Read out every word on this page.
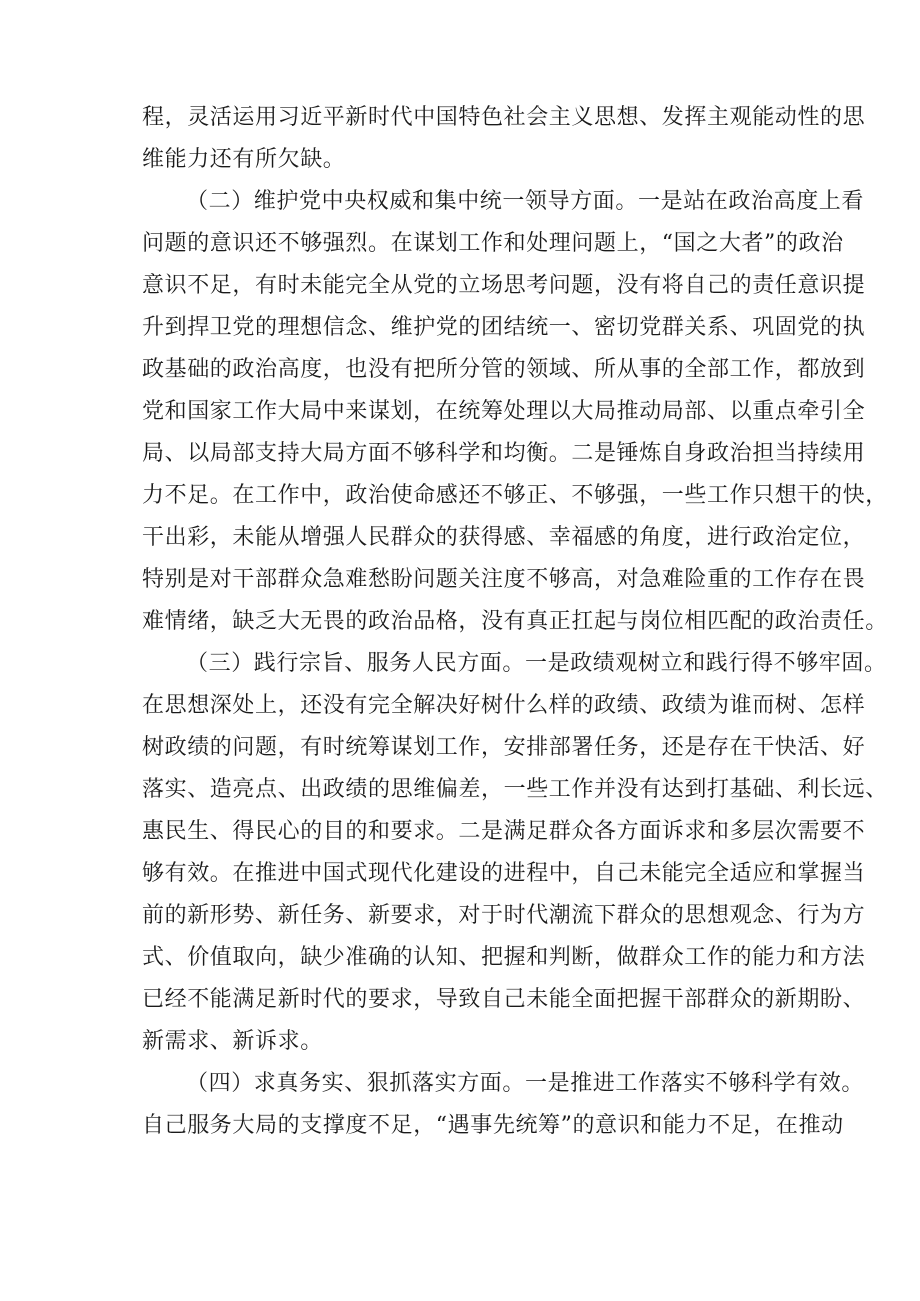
程，灵活运用习近平新时代中国特色社会主义思想、发挥主观能动性的思
维能力还有所欠缺。
（二）维护党中央权威和集中统一领导方面。一是站在政治高度上看
问题的意识还不够强烈。在谋划工作和处理问题上，“国之大者”的政治
意识不足，有时未能完全从党的立场思考问题，没有将自己的责任意识提
升到捍卫党的理想信念、维护党的团结统一、密切党群关系、巩固党的执
政基础的政治高度，也没有把所分管的领域、所从事的全部工作，都放到
党和国家工作大局中来谋划，在统筹处理以大局推动局部、以重点牵引全
局、以局部支持大局方面不够科学和均衡。二是锤炼自身政治担当持续用
力不足。在工作中，政治使命感还不够正、不够强，一些工作只想干的快，
干出彩，未能从增强人民群众的获得感、幸福感的角度，进行政治定位，
特别是对干部群众急难愁盼问题关注度不够高，对急难险重的工作存在畏
难情绪，缺乏大无畏的政治品格，没有真正扛起与岗位相匹配的政治责任。
（三）践行宗旨、服务人民方面。一是政绩观树立和践行得不够牢固。
在思想深处上，还没有完全解决好树什么样的政绩、政绩为谁而树、怎样
树政绩的问题，有时统筹谋划工作，安排部署任务，还是存在干快活、好
落实、造亮点、出政绩的思维偏差，一些工作并没有达到打基础、利长远、
惠民生、得民心的目的和要求。二是满足群众各方面诉求和多层次需要不
够有效。在推进中国式现代化建设的进程中，自己未能完全适应和掌握当
前的新形势、新任务、新要求，对于时代潮流下群众的思想观念、行为方
式、价值取向，缺少准确的认知、把握和判断，做群众工作的能力和方法
已经不能满足新时代的要求，导致自己未能全面把握干部群众的新期盼、
新需求、新诉求。
（四）求真务实、狠抓落实方面。一是推进工作落实不够科学有效。
自己服务大局的支撑度不足，“遇事先统筹”的意识和能力不足，在推动
